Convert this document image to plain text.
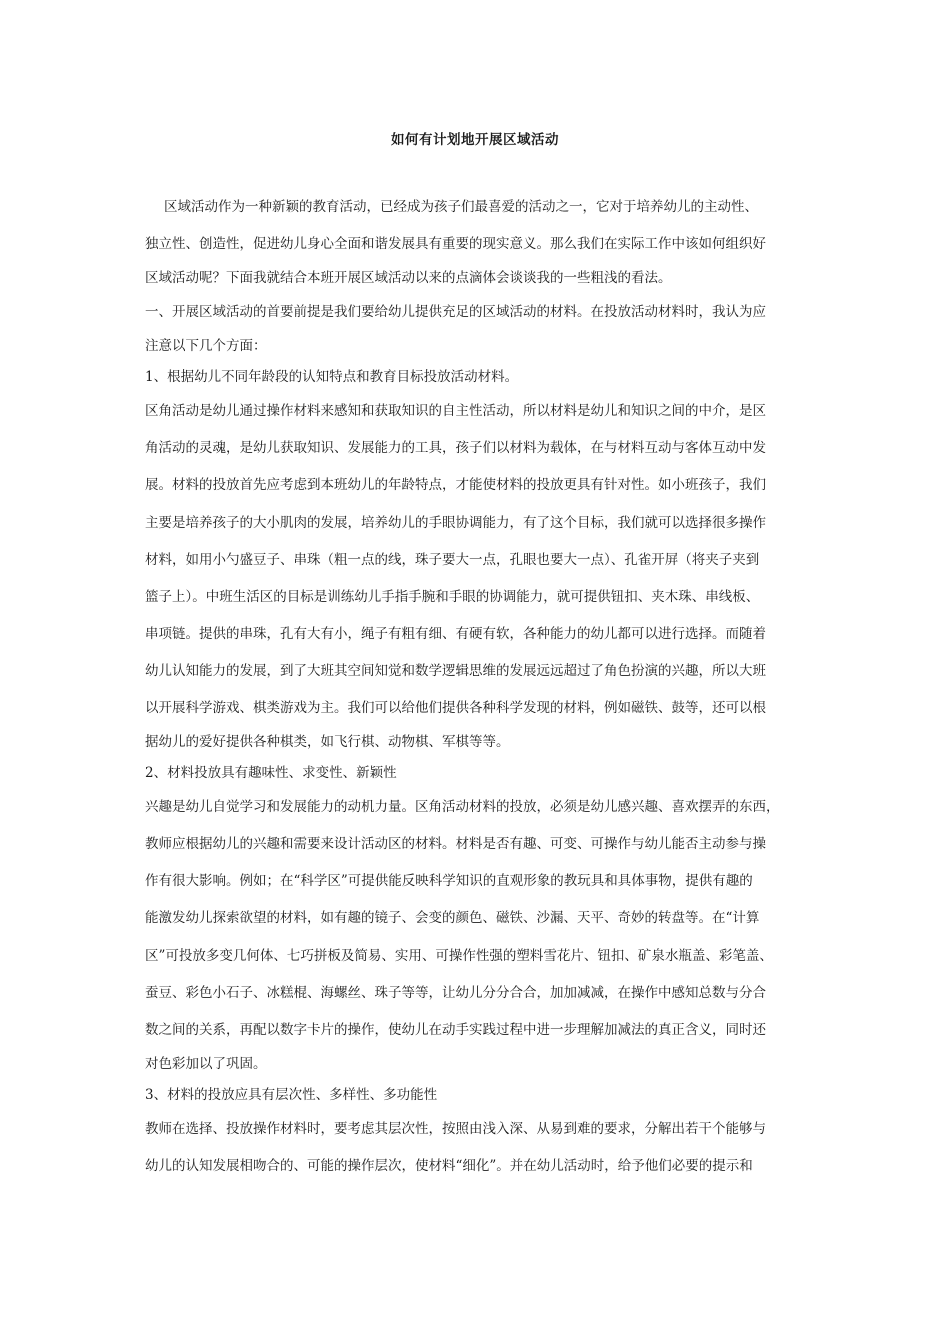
如何有计划地开展区域活动
区域活动作为一种新颖的教育活动，已经成为孩子们最喜爱的活动之一，它对于培养幼儿的主动性、
独立性、创造性，促进幼儿身心全面和谐发展具有重要的现实意义。那么我们在实际工作中该如何组织好
区域活动呢？下面我就结合本班开展区域活动以来的点滴体会谈谈我的一些粗浅的看法。
一、开展区域活动的首要前提是我们要给幼儿提供充足的区域活动的材料。在投放活动材料时，我认为应
注意以下几个方面：
1、根据幼儿不同年龄段的认知特点和教育目标投放活动材料。
区角活动是幼儿通过操作材料来感知和获取知识的自主性活动，所以材料是幼儿和知识之间的中介，是区
角活动的灵魂，是幼儿获取知识、发展能力的工具，孩子们以材料为载体，在与材料互动与客体互动中发
展。材料的投放首先应考虑到本班幼儿的年龄特点，才能使材料的投放更具有针对性。如小班孩子，我们
主要是培养孩子的大小肌肉的发展，培养幼儿的手眼协调能力，有了这个目标，我们就可以选择很多操作
材料，如用小勺盛豆子、串珠（粗一点的线，珠子要大一点，孔眼也要大一点）、孔雀开屏（将夹子夹到
篮子上）。中班生活区的目标是训练幼儿手指手腕和手眼的协调能力，就可提供钮扣、夹木珠、串线板、
串项链。提供的串珠，孔有大有小，绳子有粗有细、有硬有软，各种能力的幼儿都可以进行选择。而随着
幼儿认知能力的发展，到了大班其空间知觉和数学逻辑思维的发展远远超过了角色扮演的兴趣，所以大班
以开展科学游戏、棋类游戏为主。我们可以给他们提供各种科学发现的材料，例如磁铁、鼓等，还可以根
据幼儿的爱好提供各种棋类，如飞行棋、动物棋、军棋等等。
2、材料投放具有趣味性、求变性、新颖性
兴趣是幼儿自觉学习和发展能力的动机力量。区角活动材料的投放，必须是幼儿感兴趣、喜欢摆弄的东西，
教师应根据幼儿的兴趣和需要来设计活动区的材料。材料是否有趣、可变、可操作与幼儿能否主动参与操
作有很大影响。例如；在“科学区”可提供能反映科学知识的直观形象的教玩具和具体事物，提供有趣的
能激发幼儿探索欲望的材料，如有趣的镜子、会变的颜色、磁铁、沙漏、天平、奇妙的转盘等。在“计算
区”可投放多变几何体、七巧拼板及简易、实用、可操作性强的塑料雪花片、钮扣、矿泉水瓶盖、彩笔盖、
蚕豆、彩色小石子、冰糕棍、海螺丝、珠子等等，让幼儿分分合合，加加减减，在操作中感知总数与分合
数之间的关系，再配以数字卡片的操作，使幼儿在动手实践过程中进一步理解加减法的真正含义，同时还
对色彩加以了巩固。
3、材料的投放应具有层次性、多样性、多功能性
教师在选择、投放操作材料时，要考虑其层次性，按照由浅入深、从易到难的要求，分解出若干个能够与
幼儿的认知发展相吻合的、可能的操作层次，使材料“细化”。并在幼儿活动时，给予他们必要的提示和
